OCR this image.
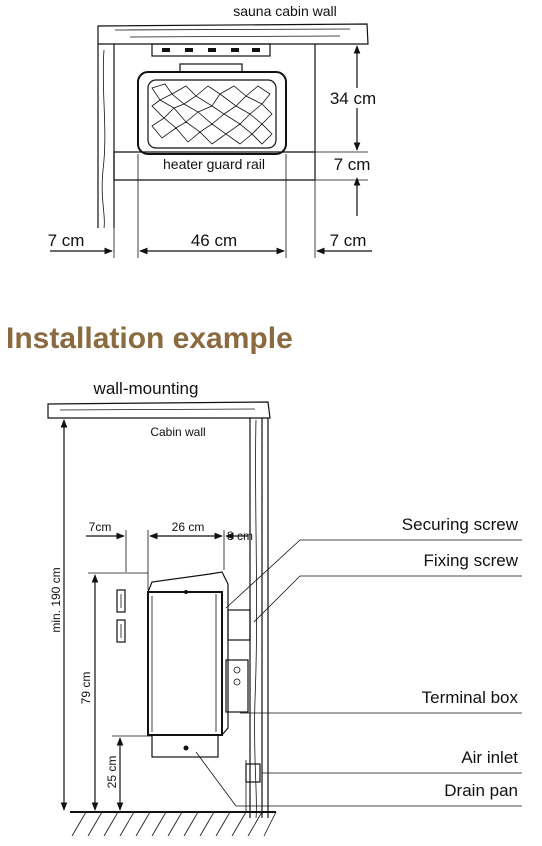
sauna cabin wall
heater guard rail
34 cm
7 cm
7 cm	46 cm	7 cm
Installation example
wall-mounting
Cabin wall
min. 190 cm
79 cm
25 cm
7cm	26 cm
8 cm
Securing screw
Fixing screw
Terminal box
Air inlet
Drain pan
